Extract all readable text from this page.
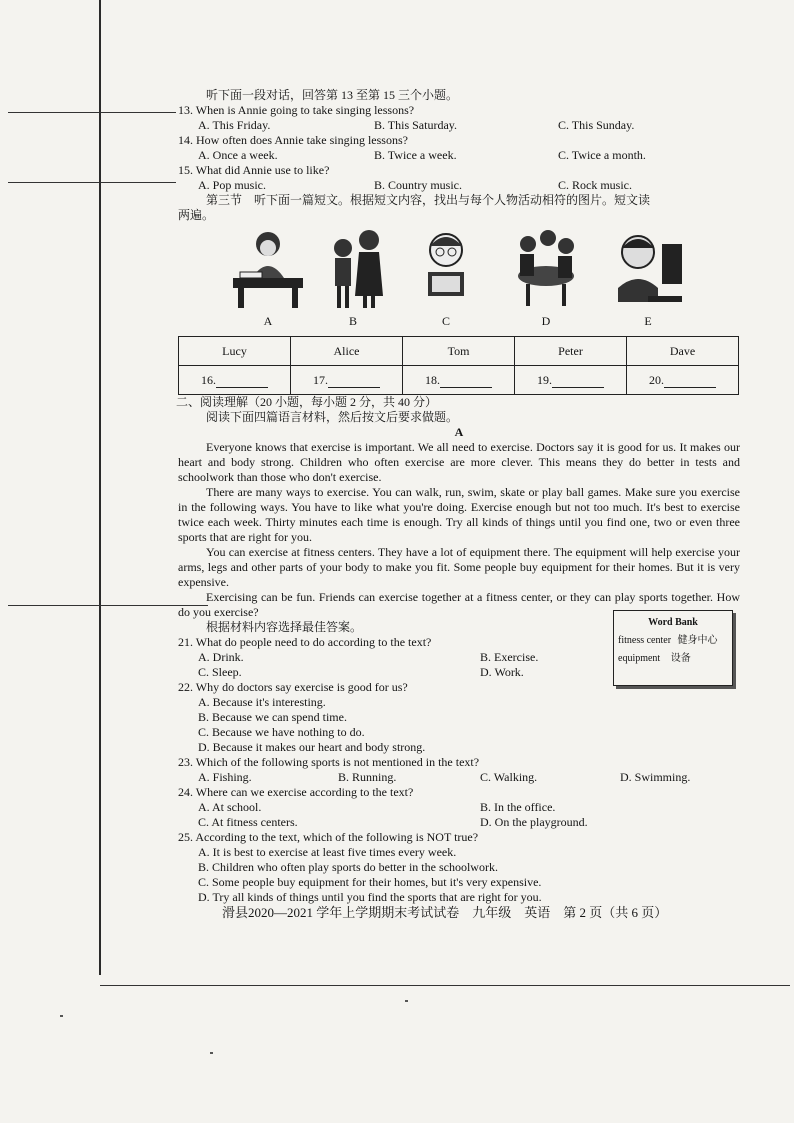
听下面一段对话，回答第 13 至第 15 三个小题。
13. When is Annie going to take singing lessons?
A. This Friday.	B. This Saturday.	C. This Sunday.
14. How often does Annie take singing lessons?
A. Once a week.	B. Twice a week.	C. Twice a month.
15. What did Annie use to like?
A. Pop music.	B. Country music.	C. Rock music.
第三节　听下面一篇短文。根据短文内容，找出与每个人物活动相符的图片。短文读
两遍。
A	B	C	D	E
Lucy	Alice	Tom	Peter	Dave
16.	17.	18.	19.	20.
二、阅读理解（20 小题，每小题 2 分，共 40 分）
阅读下面四篇语言材料，然后按文后要求做题。
A
Everyone knows that exercise is important. We all need to exercise. Doctors say it is good for us. It makes our heart and body strong. Children who often exercise are more clever. This means they do better in tests and schoolwork than those who don't exercise.
There are many ways to exercise. You can walk, run, swim, skate or play ball games. Make sure you exercise in the following ways. You have to like what you're doing. Exercise enough but not too much. It's best to exercise twice each week. Thirty minutes each time is enough. Try all kinds of things until you find one, two or even three sports that are right for you.
You can exercise at fitness centers. They have a lot of equipment there. The equipment will help exercise your arms, legs and other parts of your body to make you fit. Some people buy equipment for their homes. But it is very expensive.
Exercising can be fun. Friends can exercise together at a fitness center, or they can play sports together. How do you exercise?
根据材料内容选择最佳答案。
21. What do people need to do according to the text?
A. Drink.	B. Exercise.
C. Sleep.	D. Work.
22. Why do doctors say exercise is good for us?
A. Because it's interesting.
B. Because we can spend time.
C. Because we have nothing to do.
D. Because it makes our heart and body strong.
23. Which of the following sports is not mentioned in the text?
A. Fishing.	B. Running.	C. Walking.	D. Swimming.
24. Where can we exercise according to the text?
A. At school.	B. In the office.
C. At fitness centers.	D. On the playground.
25. According to the text, which of the following is NOT true?
A. It is best to exercise at least five times every week.
B. Children who often play sports do better in the schoolwork.
C. Some people buy equipment for their homes, but it's very expensive.
D. Try all kinds of things until you find the sports that are right for you.
Word Bank
fitness center 健身中心
equipment 设备
滑县2020—2021 学年上学期期末考试试卷　九年级　英语　第 2 页（共 6 页）
